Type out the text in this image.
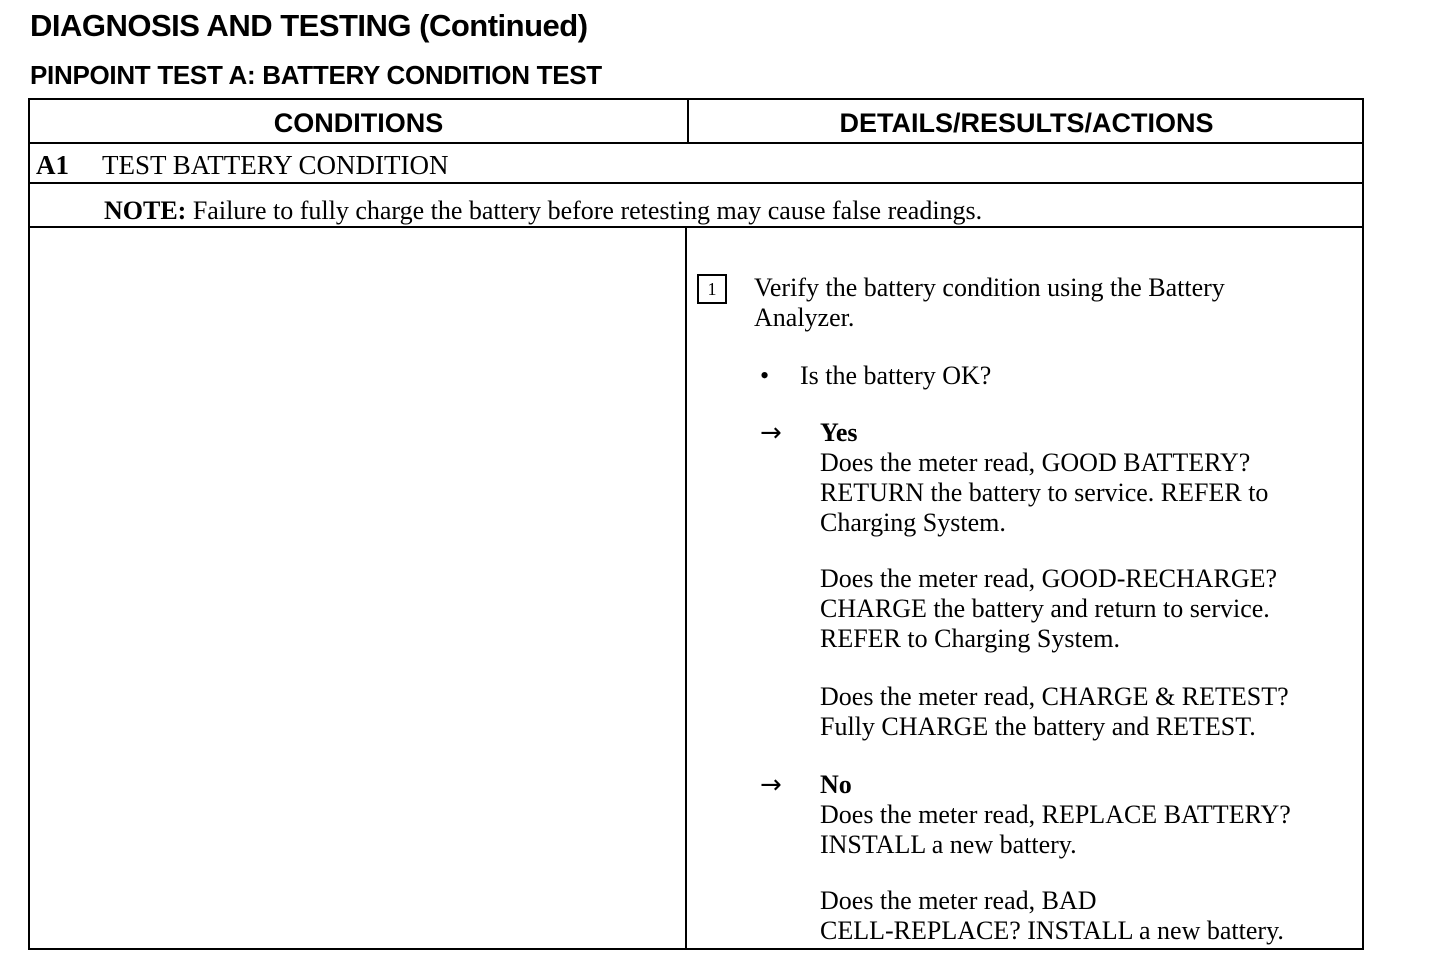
DIAGNOSIS AND TESTING (Continued)
PINPOINT TEST A: BATTERY CONDITION TEST
CONDITIONS	DETAILS/RESULTS/ACTIONS
A1 TEST BATTERY CONDITION
NOTE: Failure to fully charge the battery before retesting may cause false readings.
1	Verify the battery condition using the Battery
Analyzer.
• Is the battery OK?
→ Yes
Does the meter read, GOOD BATTERY?
RETURN the battery to service. REFER to
Charging System.
Does the meter read, GOOD-RECHARGE?
CHARGE the battery and return to service.
REFER to Charging System.
Does the meter read, CHARGE & RETEST?
Fully CHARGE the battery and RETEST.
→ No
Does the meter read, REPLACE BATTERY?
INSTALL a new battery.
Does the meter read, BAD
CELL-REPLACE? INSTALL a new battery.
